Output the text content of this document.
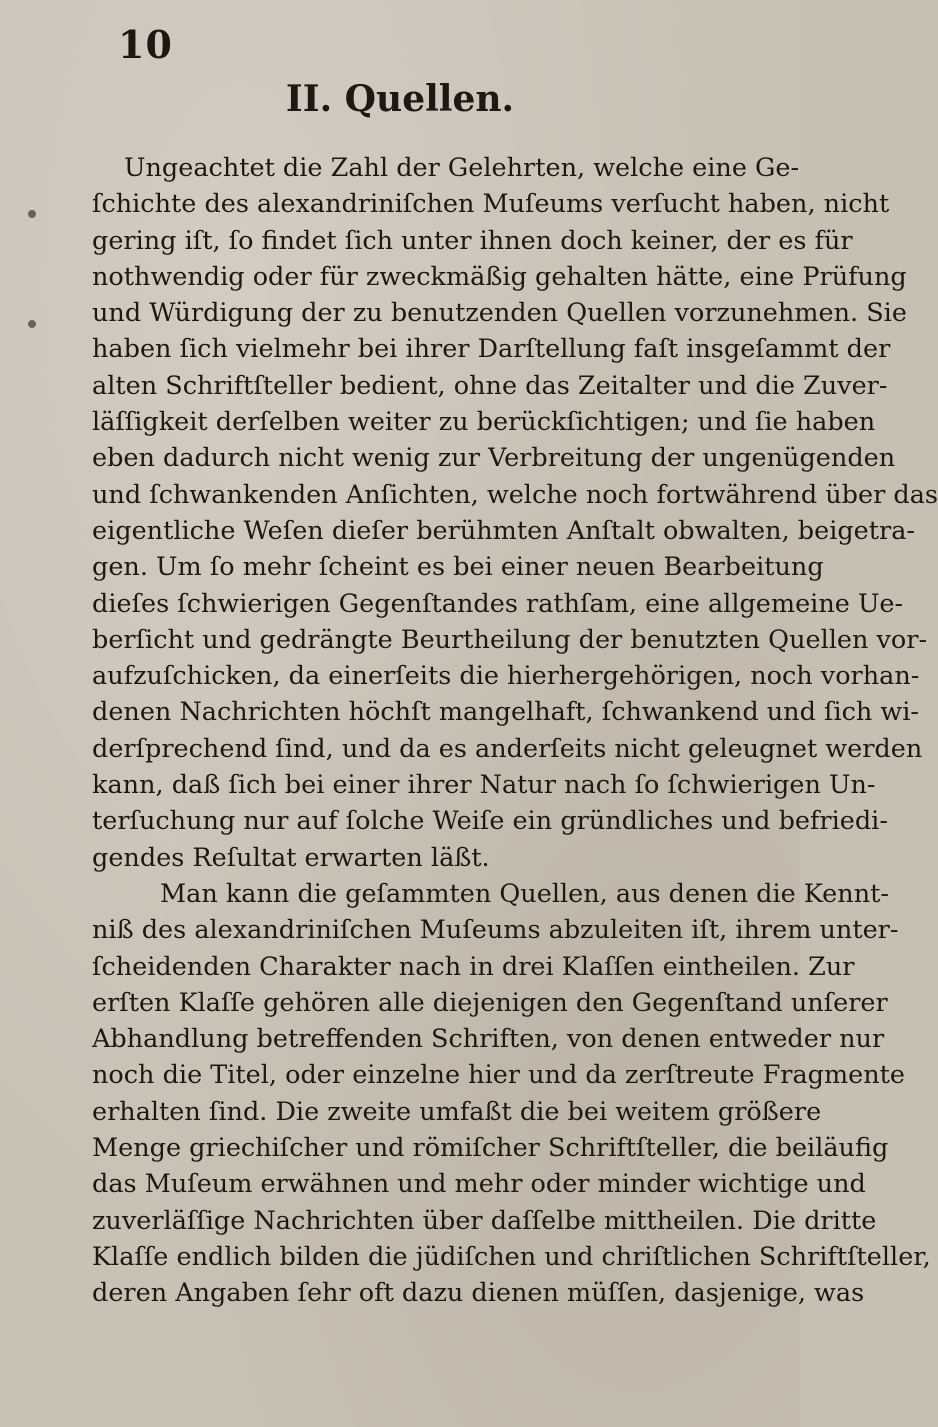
10
II. Quellen.
Ungeachtet die Zahl der Gelehrten, welche eine Ge-
ſchichte des alexandriniſchen Muſeums verſucht haben, nicht
gering iſt, ſo findet ſich unter ihnen doch keiner, der es für
nothwendig oder für zweckmäßig gehalten hätte, eine Prüfung
und Würdigung der zu benutzenden Quellen vorzunehmen. Sie
haben ſich vielmehr bei ihrer Darſtellung faſt insgeſammt der
alten Schriftſteller bedient, ohne das Zeitalter und die Zuver-
läſſigkeit derſelben weiter zu berückſichtigen; und ſie haben
eben dadurch nicht wenig zur Verbreitung der ungenügenden
und ſchwankenden Anſichten, welche noch fortwährend über das
eigentliche Weſen dieſer berühmten Anſtalt obwalten, beigetra-
gen. Um ſo mehr ſcheint es bei einer neuen Bearbeitung
dieſes ſchwierigen Gegenſtandes rathſam, eine allgemeine Ue-
berſicht und gedrängte Beurtheilung der benutzten Quellen vor-
aufzuſchicken, da einerſeits die hierhergehörigen, noch vorhan-
denen Nachrichten höchſt mangelhaft, ſchwankend und ſich wi-
derſprechend ſind, und da es anderſeits nicht geleugnet werden
kann, daß ſich bei einer ihrer Natur nach ſo ſchwierigen Un-
terſuchung nur auf ſolche Weiſe ein gründliches und befriedi-
gendes Reſultat erwarten läßt.
Man kann die geſammten Quellen, aus denen die Kennt-
niß des alexandriniſchen Muſeums abzuleiten iſt, ihrem unter-
ſcheidenden Charakter nach in drei Klaſſen eintheilen. Zur
erſten Klaſſe gehören alle diejenigen den Gegenſtand unſerer
Abhandlung betreffenden Schriften, von denen entweder nur
noch die Titel, oder einzelne hier und da zerſtreute Fragmente
erhalten ſind. Die zweite umfaßt die bei weitem größere
Menge griechiſcher und römiſcher Schriftſteller, die beiläufig
das Muſeum erwähnen und mehr oder minder wichtige und
zuverläſſige Nachrichten über daſſelbe mittheilen. Die dritte
Klaſſe endlich bilden die jüdiſchen und chriſtlichen Schriftſteller,
deren Angaben ſehr oft dazu dienen müſſen, dasjenige, was
